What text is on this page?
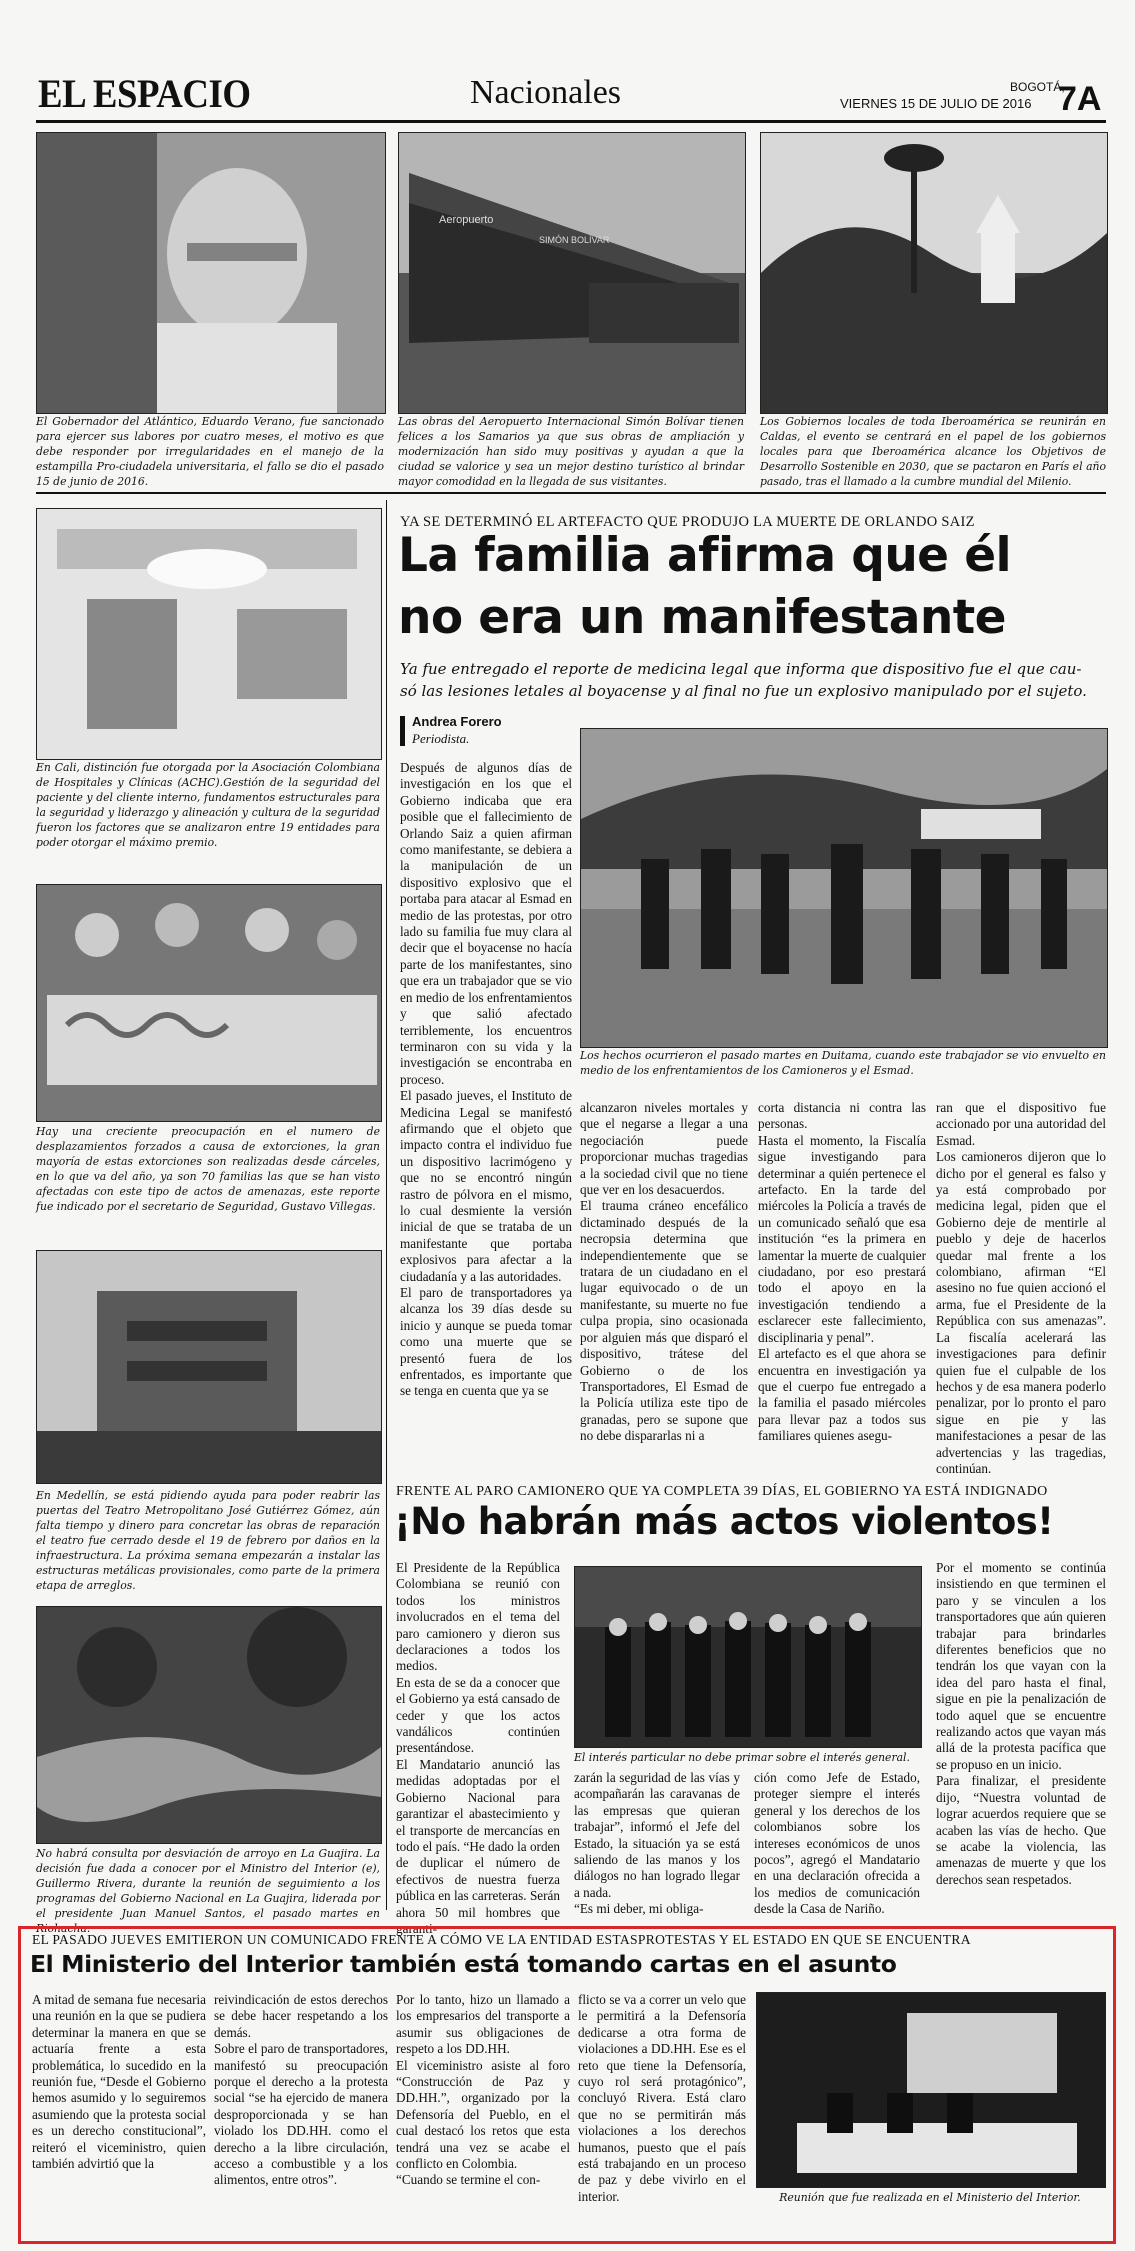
EL ESPACIO	Nacionales	BOGOTÁ,
VIERNES 15 DE JULIO DE 2016 7A

El Gobernador del Atlántico, Eduardo Verano, fue sancionado para ejercer sus labores por cuatro meses, el motivo es que debe responder por irregularidades en el manejo de la estampilla Pro-ciudadela universitaria, el fallo se dio el pasado 15 de junio de 2016.

Aeropuerto
SIMÓN BOLÍVAR

Las obras del Aeropuerto Internacional Simón Bolívar tienen felices a los Samarios ya que sus obras de ampliación y modernización han sido muy positivas y ayudan a que la ciudad se valorice y sea un mejor destino turístico al brindar mayor comodidad en la llegada de sus visitantes.

Los Gobiernos locales de toda Iberoamérica se reunirán en Caldas, el evento se centrará en el papel de los gobiernos locales para que Iberoamérica alcance los Objetivos de Desarrollo Sostenible en 2030, que se pactaron en París el año pasado, tras el llamado a la cumbre mundial del Milenio.

En Cali, distinción fue otorgada por la Asociación Colombiana de Hospitales y Clínicas (ACHC).Gestión de la seguridad del paciente y del cliente interno, fundamentos estructurales para la seguridad y liderazgo y alineación y cultura de la seguridad fueron los factores que se analizaron entre 19 entidades para poder otorgar el máximo premio.

Hay una creciente preocupación en el numero de desplazamientos forzados a causa de extorciones, la gran mayoría de estas extorciones son realizadas desde cárceles, en lo que va del año, ya son 70 familias las que se han visto afectadas con este tipo de actos de amenazas, este reporte fue indicado por el secretario de Seguridad, Gustavo Villegas.

En Medellín, se está pidiendo ayuda para poder reabrir las puertas del Teatro Metropolitano José Gutiérrez Gómez, aún falta tiempo y dinero para concretar las obras de reparación el teatro fue cerrado desde el 19 de febrero por daños en la infraestructura. La próxima semana empezarán a instalar las estructuras metálicas provisionales, como parte de la primera etapa de arreglos.

No habrá consulta por desviación de arroyo en La Guajira. La decisión fue dada a conocer por el Ministro del Interior (e), Guillermo Rivera, durante la reunión de seguimiento a los programas del Gobierno Nacional en La Guajira, liderada por el presidente Juan Manuel Santos, el pasado martes en Riohacha.

YA SE DETERMINÓ EL ARTEFACTO QUE PRODUJO LA MUERTE DE ORLANDO SAIZ
La familia afirma que él
no era un manifestante
Ya fue entregado el reporte de medicina legal que informa que dispositivo fue el que cau-
só las lesiones letales al boyacense y al final no fue un explosivo manipulado por el sujeto.
Andrea Forero
Periodista.

Después de algunos días de investigación en los que el Gobierno indicaba que era posible que el fallecimiento de Orlando Saiz a quien afirman como manifestante, se debiera a la manipulación de un dispositivo explosivo que el portaba para atacar al Esmad en medio de las protestas, por otro lado su familia fue muy clara al decir que el boyacense no hacía parte de los manifestantes, sino que era un trabajador que se vio en medio de los enfrentamientos y que salió afectado terriblemente, los encuentros terminaron con su vida y la investigación se encontraba en proceso.

El pasado jueves, el Instituto de Medicina Legal se manifestó afirmando que el objeto que impacto contra el individuo fue un dispositivo lacrimógeno y que no se encontró ningún rastro de pólvora en el mismo, lo cual desmiente la versión inicial de que se trataba de un manifestante que portaba explosivos para afectar a la ciudadanía y a las autoridades.

El paro de transportadores ya alcanza los 39 días desde su inicio y aunque se pueda tomar como una muerte que se presentó fuera de los enfrentados, es importante que se tenga en cuenta que ya se

Los hechos ocurrieron el pasado martes en Duitama, cuando este trabajador se vio envuelto en medio de los enfrentamientos de los Camioneros y el Esmad.

alcanzaron niveles mortales y que el negarse a llegar a una negociación puede proporcionar muchas tragedias a la sociedad civil que no tiene que ver en los desacuerdos.

El trauma cráneo encefálico dictaminado después de la necropsia determina que independientemente que se tratara de un ciudadano en el lugar equivocado o de un manifestante, su muerte no fue culpa propia, sino ocasionada por alguien más que disparó el dispositivo, trátese del Gobierno o de los Transportadores, El Esmad de la Policía utiliza este tipo de granadas, pero se supone que no debe dispararlas ni a

corta distancia ni contra las personas.

Hasta el momento, la Fiscalía sigue investigando para determinar a quién pertenece el artefacto. En la tarde del miércoles la Policía a través de un comunicado señaló que esa institución “es la primera en lamentar la muerte de cualquier ciudadano, por eso prestará todo el apoyo en la investigación tendiendo a esclarecer este fallecimiento, disciplinaria y penal”.

El artefacto es el que ahora se encuentra en investigación ya que el cuerpo fue entregado a la familia el pasado miércoles para llevar paz a todos sus familiares quienes asegu-

ran que el dispositivo fue accionado por una autoridad del Esmad.

Los camioneros dijeron que lo dicho por el general es falso y ya está comprobado por medicina legal, piden que el Gobierno deje de mentirle al pueblo y deje de hacerlos quedar mal frente a los colombiano, afirman “El asesino no fue quien accionó el arma, fue el Presidente de la República con sus amenazas”. La fiscalía acelerará las investigaciones para definir quien fue el culpable de los hechos y de esa manera poderlo penalizar, por lo pronto el paro sigue en pie y las manifestaciones a pesar de las advertencias y las tragedias, continúan.

FRENTE AL PARO CAMIONERO QUE YA COMPLETA 39 DÍAS, EL GOBIERNO YA ESTÁ INDIGNADO
¡No habrán más actos violentos!

El Presidente de la República Colombiana se reunió con todos los ministros involucrados en el tema del paro camionero y dieron sus declaraciones a todos los medios.

En esta de se da a conocer que el Gobierno ya está cansado de ceder y que los actos vandálicos continúen presentándose.

El Mandatario anunció las medidas adoptadas por el Gobierno Nacional para garantizar el abastecimiento y el transporte de mercancías en todo el país. “He dado la orden de duplicar el número de efectivos de nuestra fuerza pública en las carreteras. Serán ahora 50 mil hombres que garanti-

El interés particular no debe primar sobre el interés general.

zarán la seguridad de las vías y acompañarán las caravanas de las empresas que quieran trabajar”, informó el Jefe del Estado, la situación ya se está saliendo de las manos y los diálogos no han logrado llegar a nada.

“Es mi deber, mi obliga-

ción como Jefe de Estado, proteger siempre el interés general y los derechos de los colombianos sobre los intereses económicos de unos pocos”, agregó el Mandatario en una declaración ofrecida a los medios de comunicación desde la Casa de Nariño.

Por el momento se continúa insistiendo en que terminen el paro y se vinculen a los transportadores que aún quieren trabajar para brindarles diferentes beneficios que no tendrán los que vayan con la idea del paro hasta el final, sigue en pie la penalización de todo aquel que se encuentre realizando actos que vayan más allá de la protesta pacífica que se propuso en un inicio.

Para finalizar, el presidente dijo, “Nuestra voluntad de lograr acuerdos requiere que se acaben las vías de hecho. Que se acabe la violencia, las amenazas de muerte y que los derechos sean respetados.

EL PASADO JUEVES EMITIERON UN COMUNICADO FRENTE A CÓMO VE LA ENTIDAD ESTASPROTESTAS Y EL ESTADO EN QUE SE ENCUENTRA
El Ministerio del Interior también está tomando cartas en el asunto

A mitad de semana fue necesaria una reunión en la que se pudiera determinar la manera en que se actuaría frente a esta problemática, lo sucedido en la reunión fue, “Desde el Gobierno hemos asumido y lo seguiremos asumiendo que la protesta social es un derecho constitucional”, reiteró el viceministro, quien también advirtió que la

reivindicación de estos derechos se debe hacer respetando a los demás.

Sobre el paro de transportadores, manifestó su preocupación porque el derecho a la protesta social “se ha ejercido de manera desproporcionada y se han violado los DD.HH. como el derecho a la libre circulación, acceso a combustible y a los alimentos, entre otros”.

Por lo tanto, hizo un llamado a los empresarios del transporte a asumir sus obligaciones de respeto a los DD.HH.

El viceministro asiste al foro “Construcción de Paz y DD.HH.”, organizado por la Defensoría del Pueblo, en el cual destacó los retos que esta tendrá una vez se acabe el conflicto en Colombia.

“Cuando se termine el con-

flicto se va a correr un velo que le permitirá a la Defensoría dedicarse a otra forma de violaciones a DD.HH. Ese es el reto que tiene la Defensoría, cuyo rol será protagónico”, concluyó Rivera. Está claro que no se permitirán más violaciones a los derechos humanos, puesto que el país está trabajando en un proceso de paz y debe vivirlo en el interior.	Reunión que fue realizada en el Ministerio del Interior.
